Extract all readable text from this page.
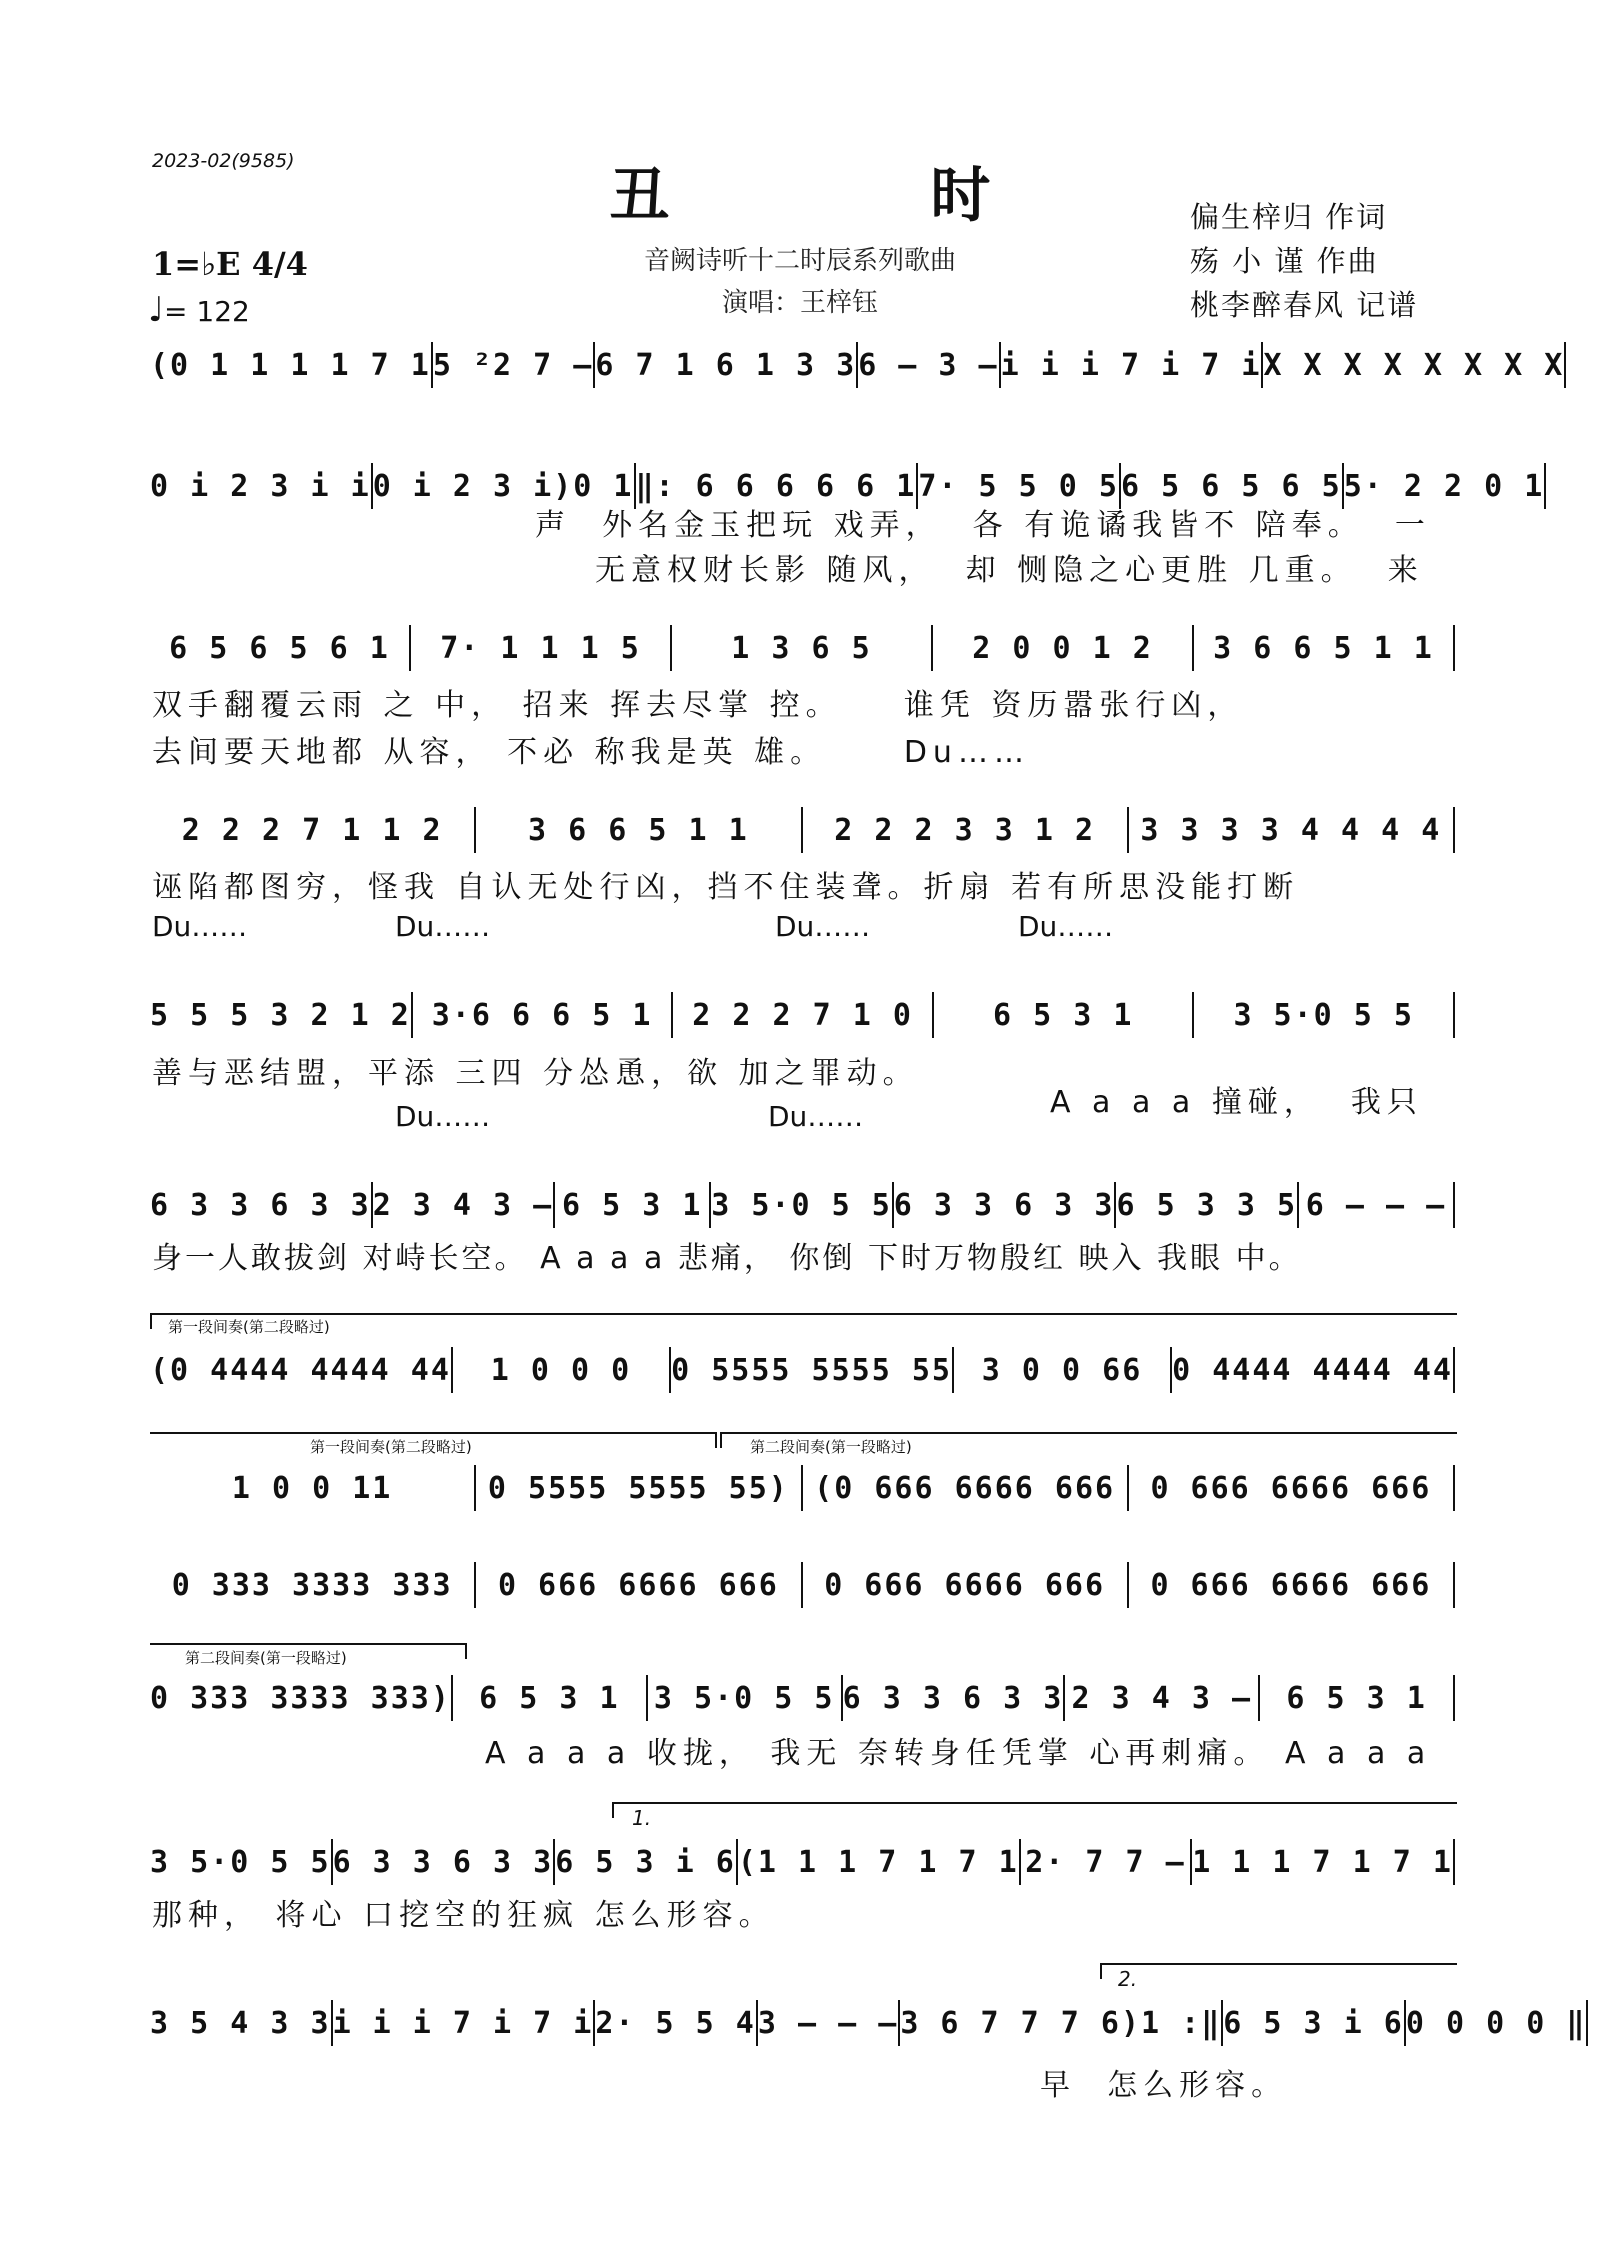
2023-02(9585)	丑 时
音阙诗听十二时辰系列歌曲
演唱：王梓钰
偏生梓归 作词
殇 小 谨 作曲
桃李醉春风 记谱
1=♭E 4/4
♩= 122
(0 1 1 1 1 7 1 5 ²2 7 – 6 7 1 6 1 3 3 6 – 3 – i i i 7 i 7 i X X X X X X X X
0 i 2 3 i i 0 i 2 3 i)0 1 ‖: 6 6 6 6 6 1 7· 5 5 0 5 6 5 6 5 6 5 5· 2 2 0 1
6 5 6 5 6 1	7· 1 1 1 5	1 3 6 5	2 0 0 1 2	3 6 6 5 1 1
2 2 2 7 1 1 2	3 6 6 5 1 1	2 2 2 3 3 1 2	3 3 3 3 4 4 4 4
5 5 5 3 2 1 2 3·6 6 6 5 1	2 2 2 7 1 0	6 5 3 1	3 5·0 5 5
6 3 3 6 3 3 2 3 4 3 – 6 5 3 1 3 5·0 5 5 6 3 3 6 3 3 6 5 3 3 5 6 – – –
(0 4444 4444 44	1 0 0 0	0 5555 5555 55 3 0 0 66 0 4444 4444 44
1 0 0 11	0 5555 5555 55) (0 666 6666 666	0 666 6666 666
0 333 3333 333	0 666 6666 666	0 666 6666 666	0 666 6666 666
0 333 3333 333) 6 5 3 1	3 5·0 5 5 6 3 3 6 3 3 2 3 4 3 –	6 5 3 1
3 5·0 5 5 6 3 3 6 3 3 6 5 3 i 6 (1 1 1 7 1 7 1 2· 7 7 – 1 1 1 7 1 7 1
3 5 4 3 3 i i i 7 i 7 i 2· 5 5 4 3 – – – 3 6 7 7 7 6)1 :‖ 6 5 3 i 6 0 0 0 0 ‖
声  外名金玉把玩 戏弄，  各 有诡谲我皆不 陪奉。  一
无意权财长影 随风，  却 恻隐之心更胜 几重。  来
双手翻覆云雨 之 中， 招来 挥去尽掌 控。    谁凭 资历嚣张行凶，
去间要天地都 从容， 不必 称我是英 雄。     Du……
诬陷都图穷，怪我 自认无处行凶，挡不住装聋。折扇 若有所思没能打断
Du……	Du……	Du……	Du……
善与恶结盟，平添 三四 分怂恿，欲 加之罪动。
A a a a 撞碰，  我只
Du……	Du……
身一人敢拔剑 对峙长空。 A a a a 悲痛， 你倒 下时万物殷红 映入 我眼 中。
A a a a 收拢， 我无 奈转身任凭掌 心再刺痛。 A a a a
那种， 将心 口挖空的狂疯 怎么形容。
早  怎么形容。
第一段间奏(第二段略过)
第一段间奏(第二段略过)	第二段间奏(第一段略过)
第二段间奏(第一段略过)
1.
2.
